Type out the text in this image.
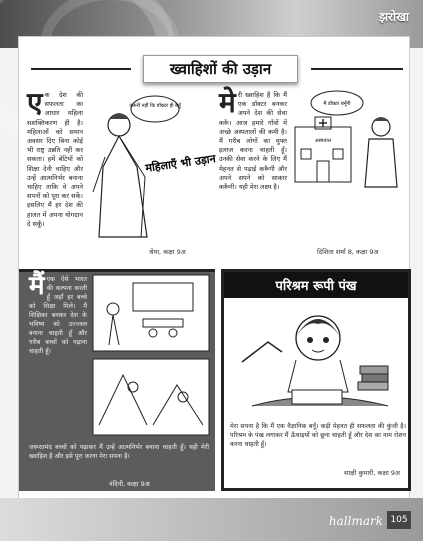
झरोखा
ख्वाहिशों की उड़ान
एक देश की सफलता का आधार महिला सशक्तिकरण ही है। महिलाओं को समान अवसर दिए बिना कोई भी राष्ट्र उन्नति नहीं कर सकता। हमें बेटियों को शिक्षा देनी चाहिए और उन्हें आत्मनिर्भर बनाना चाहिए ताकि वे अपने सपनों को पूरा कर सकें। इसलिए मैं हर देश की हालत में अपना योगदान दे सकूँ।
जरूरी नहीं कि डॉक्टर ही बनूँ
महिलाएँ भी उड़ान
श्रेया, कक्षा 9अ
मेरी ख्वाहिश है कि मैं एक डॉक्टर बनकर अपने देश की सेवा करूँ। आज हमारे गाँवों में अच्छे अस्पतालों की कमी है। मैं गरीब लोगों का मुफ्त इलाज करना चाहती हूँ। उनकी सेवा करने के लिए मैं मेहनत से पढ़ाई करूँगी और अपने सपने को साकार करूँगी। यही मेरा लक्ष्य है।
मैं डॉक्टर बनूँगी
अस्पताल
दिशिता शर्मा 8, कक्षा 9अ
मैंएक ऐसे भारत की कल्पना करती हूँ जहाँ हर बच्चे को शिक्षा मिले। मैं शिक्षिका बनकर देश के भविष्य को उज्ज्वल बनाना चाहती हूँ और गरीब बच्चों को पढ़ाना चाहती हूँ।
जरूरतमंद बच्चों को पढ़ाकर मैं उन्हें आत्मनिर्भर बनाना चाहती हूँ। यही मेरी ख्वाहिश है और इसे पूरा करना मेरा सपना है।
नंदिनी, कक्षा 9अ
परिश्रम रूपी पंख
मेरा सपना है कि मैं एक वैज्ञानिक बनूँ। कड़ी मेहनत ही सफलता की कुंजी है। परिश्रम के पंख लगाकर मैं ऊँचाइयों को छूना चाहती हूँ और देश का नाम रोशन करना चाहती हूँ।
साक्षी कुमारी, कक्षा 9अ
hallmark 105
